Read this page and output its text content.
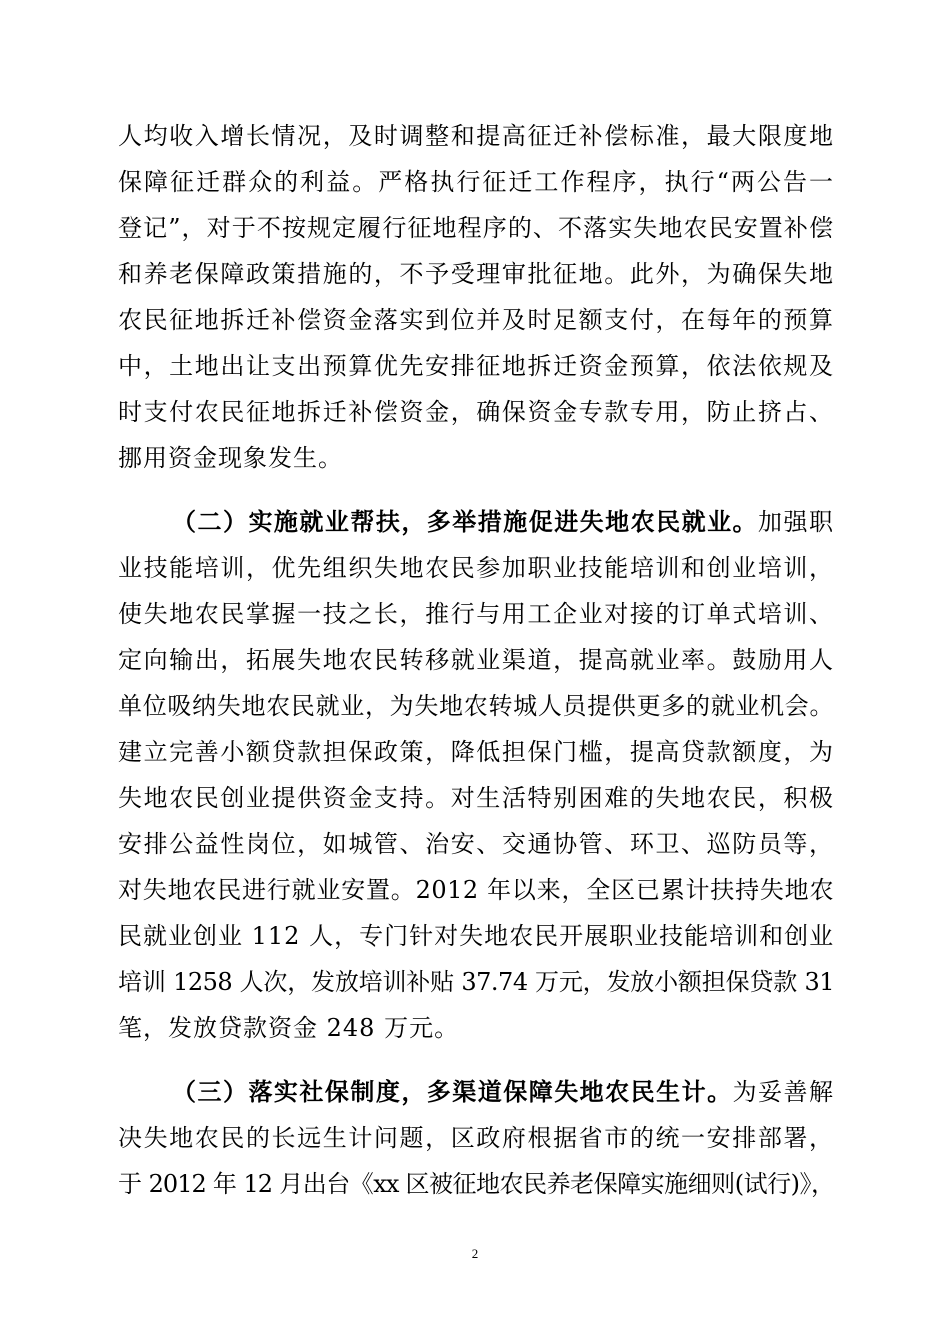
人均收入增长情况，及时调整和提高征迁补偿标准，最大限度地
保障征迁群众的利益。严格执行征迁工作程序，执行“两公告一
登记”，对于不按规定履行征地程序的、不落实失地农民安置补偿
和养老保障政策措施的，不予受理审批征地。此外，为确保失地
农民征地拆迁补偿资金落实到位并及时足额支付，在每年的预算
中，土地出让支出预算优先安排征地拆迁资金预算，依法依规及
时支付农民征地拆迁补偿资金，确保资金专款专用，防止挤占、
挪用资金现象发生。
（二）实施就业帮扶，多举措施促进失地农民就业。加强职
业技能培训，优先组织失地农民参加职业技能培训和创业培训，
使失地农民掌握一技之长，推行与用工企业对接的订单式培训、
定向输出，拓展失地农民转移就业渠道，提高就业率。鼓励用人
单位吸纳失地农民就业，为失地农转城人员提供更多的就业机会。
建立完善小额贷款担保政策，降低担保门槛，提高贷款额度，为
失地农民创业提供资金支持。对生活特别困难的失地农民，积极
安排公益性岗位，如城管、治安、交通协管、环卫、巡防员等，
对失地农民进行就业安置。2012 年以来，全区已累计扶持失地农
民就业创业 112 人，专门针对失地农民开展职业技能培训和创业
培训 1258 人次，发放培训补贴 37.74 万元，发放小额担保贷款 31
笔，发放贷款资金 248 万元。
（三）落实社保制度，多渠道保障失地农民生计。为妥善解
决失地农民的长远生计问题，区政府根据省市的统一安排部署，
于 2012 年 12 月出台《xx 区被征地农民养老保障实施细则(试行)》，
2
